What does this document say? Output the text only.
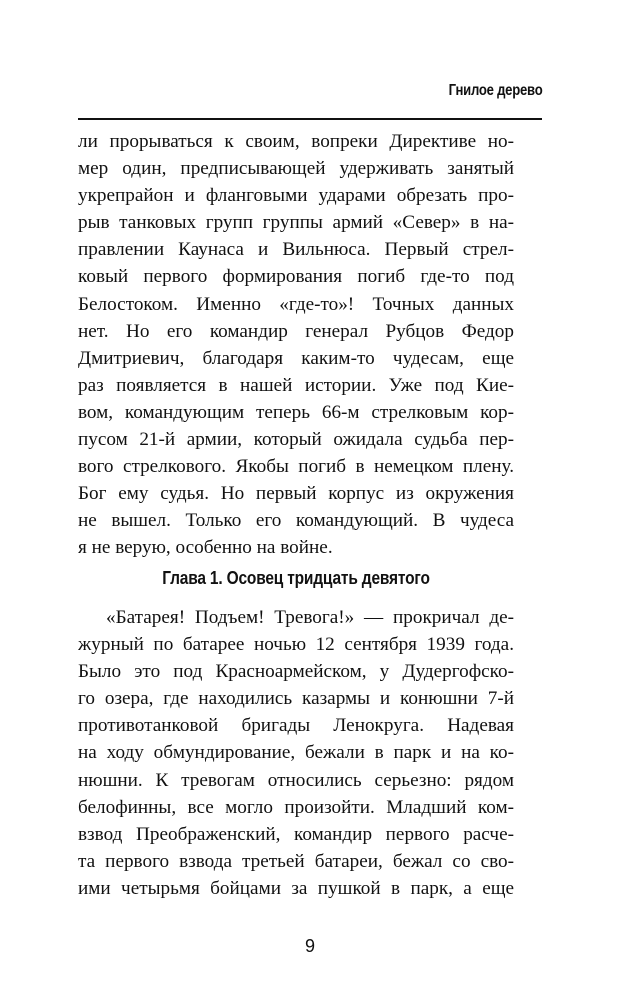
Гнилое дерево

ли прорываться к своим, вопреки Директиве но-
мер один, предписывающей удерживать занятый
укрепрайон и фланговыми ударами обрезать про-
рыв танковых групп группы армий «Север» в на-
правлении Каунаса и Вильнюса. Первый стрел-
ковый первого формирования погиб где-то под
Белостоком. Именно «где-то»! Точных данных
нет. Но его командир генерал Рубцов Федор
Дмитриевич, благодаря каким-то чудесам, еще
раз появляется в нашей истории. Уже под Кие-
вом, командующим теперь 66-м стрелковым кор-
пусом 21-й армии, который ожидала судьба пер-
вого стрелкового. Якобы погиб в немецком плену.
Бог ему судья. Но первый корпус из окружения
не вышел. Только его командующий. В чудеса
я не верую, особенно на войне.

Глава 1. Осовец тридцать девятого

«Батарея! Подъем! Тревога!» — прокричал де-
журный по батарее ночью 12 сентября 1939 года.
Было это под Красноармейском, у Дудергофско-
го озера, где находились казармы и конюшни 7-й
противотанковой бригады Ленокруга. Надевая
на ходу обмундирование, бежали в парк и на ко-
нюшни. К тревогам относились серьезно: рядом
белофинны, все могло произойти. Младший ком-
взвод Преображенский, командир первого расче-
та первого взвода третьей батареи, бежал со сво-
ими четырьмя бойцами за пушкой в парк, а еще

9
